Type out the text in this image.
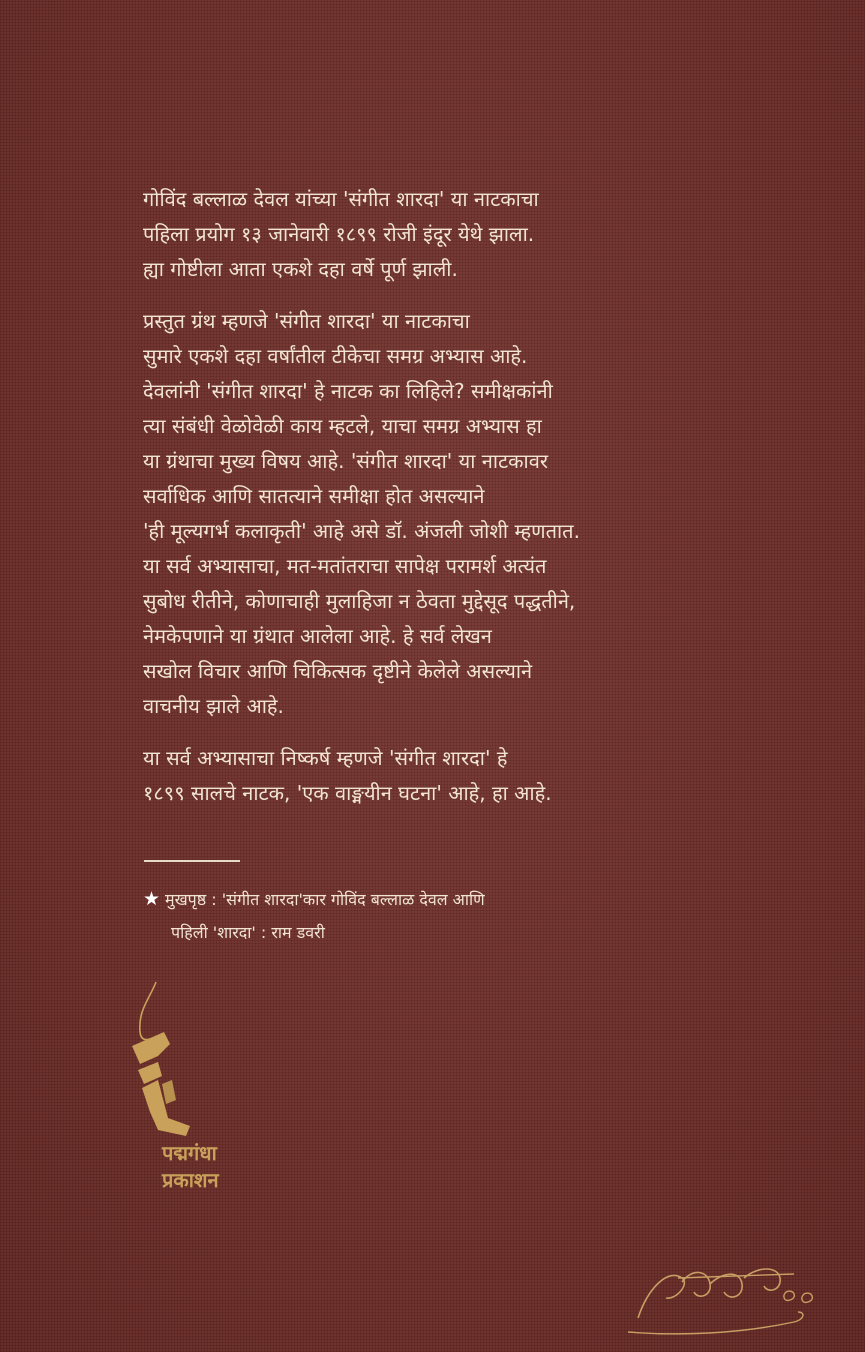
गोविंद बल्लाळ देवल यांच्या 'संगीत शारदा' या नाटकाचा
पहिला प्रयोग १३ जानेवारी १८९९ रोजी इंदूर येथे झाला.
ह्या गोष्टीला आता एकशे दहा वर्षे पूर्ण झाली.
प्रस्तुत ग्रंथ म्हणजे 'संगीत शारदा' या नाटकाचा
सुमारे एकशे दहा वर्षांतील टीकेचा समग्र अभ्यास आहे.
देवलांनी 'संगीत शारदा' हे नाटक का लिहिले? समीक्षकांनी
त्या संबंधी वेळोवेळी काय म्हटले, याचा समग्र अभ्यास हा
या ग्रंथाचा मुख्य विषय आहे. 'संगीत शारदा' या नाटकावर
सर्वाधिक आणि सातत्याने समीक्षा होत असल्याने
'ही मूल्यगर्भ कलाकृती' आहे असे डॉ. अंजली जोशी म्हणतात.
या सर्व अभ्यासाचा, मत-मतांतराचा सापेक्ष परामर्श अत्यंत
सुबोध रीतीने, कोणाचाही मुलाहिजा न ठेवता मुद्देसूद पद्धतीने,
नेमकेपणाने या ग्रंथात आलेला आहे. हे सर्व लेखन
सखोल विचार आणि चिकित्सक दृष्टीने केलेले असल्याने
वाचनीय झाले आहे.
या सर्व अभ्यासाचा निष्कर्ष म्हणजे 'संगीत शारदा' हे
१८९९ सालचे नाटक, 'एक वाङ्मयीन घटना' आहे, हा आहे.
★ मुखपृष्ठ : 'संगीत शारदा'कार गोविंद बल्लाळ देवल आणि
पहिली 'शारदा' : राम डवरी
पद्मगंधा
प्रकाशन
